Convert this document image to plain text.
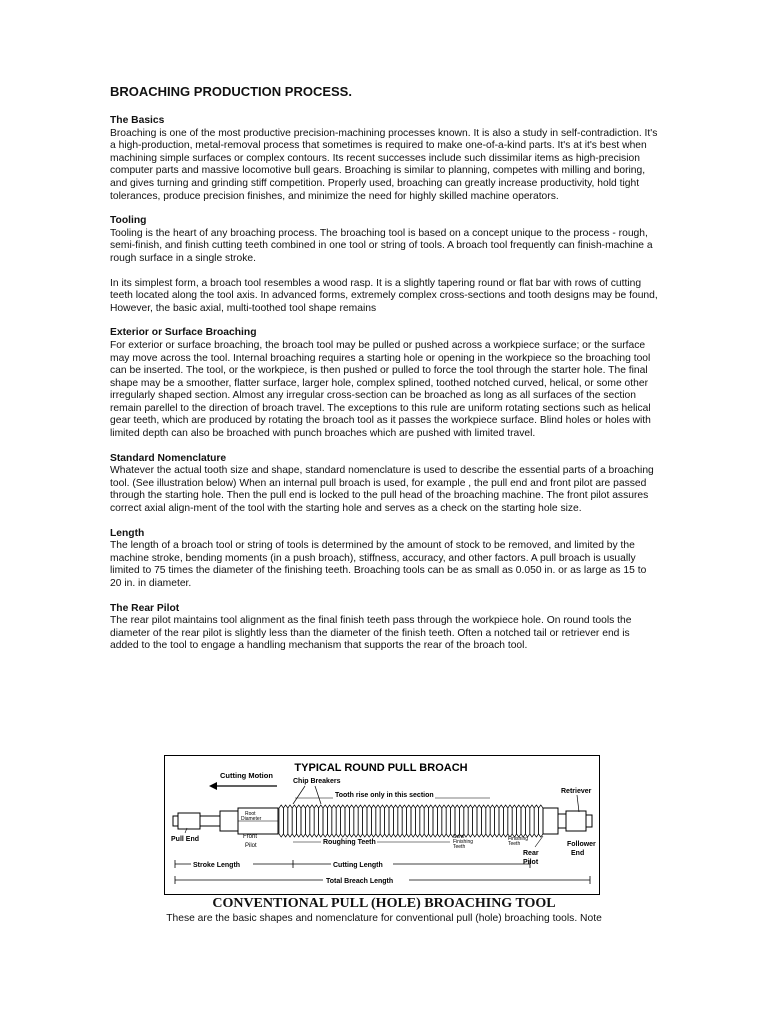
BROACHING PRODUCTION PROCESS.
The Basics

Broaching is one of the most productive precision-machining processes known. It is also a study in self-contradiction. It's a high-production, metal-removal process that sometimes is required to make one-of-a-kind parts. It's at it's best when machining simple surfaces or complex contours. Its recent successes include such dissimilar items as high-precision computer parts and massive locomotive bull gears. Broaching is similar to planning, competes with milling and boring, and gives turning and grinding stiff competition. Properly used, broaching can greatly increase productivity, hold tight tolerances, produce precision finishes, and minimize the need for highly skilled machine operators.

Tooling

Tooling is the heart of any broaching process. The broaching tool is based on a concept unique to the process - rough, semi-finish, and finish cutting teeth combined in one tool or string of tools. A broach tool frequently can finish-machine a rough surface in a single stroke.

In its simplest form, a broach tool resembles a wood rasp. It is a slightly tapering round or flat bar with rows of cutting teeth located along the tool axis. In advanced forms, extremely complex cross-sections and tooth designs may be found, However, the basic axial, multi-toothed tool shape remains

Exterior or Surface Broaching

For exterior or surface broaching, the broach tool may be pulled or pushed across a workpiece surface; or the surface may move across the tool. Internal broaching requires a starting hole or opening in the workpiece so the broaching tool can be inserted. The tool, or the workpiece, is then pushed or pulled to force the tool through the starter hole. The final shape may be a smoother, flatter surface, larger hole, complex splined, toothed notched curved, helical, or some other irregularly shaped section. Almost any irregular cross-section can be broached as long as all surfaces of the section remain parellel to the direction of broach travel. The exceptions to this rule are uniform rotating sections such as helical gear teeth, which are produced by rotating the broach tool as it passes the workpiece surface. Blind holes or holes with limited depth can also be broached with punch broaches which are pushed with limited travel.

Standard Nomenclature

Whatever the actual tooth size and shape, standard nomenclature is used to describe the essential parts of a broaching tool. (See illustration below) When an internal pull broach is used, for example , the pull end and front pilot are passed through the starting hole. Then the pull end is locked to the pull head of the broaching machine. The front pilot assures correct axial align-ment of the tool with the starting hole and serves as a check on the starting hole size.

Length

The length of a broach tool or string of tools is determined by the amount of stock to be removed, and limited by the machine stroke, bending moments (in a push broach), stiffness, accuracy, and other factors. A pull broach is usually limited to 75 times the diameter of the finishing teeth. Broaching tools can be as small as 0.050 in. or as large as 15 to 20 in. in diameter.

The Rear Pilot

The rear pilot maintains tool alignment as the final finish teeth pass through the workpiece hole. On round tools the diameter of the rear pilot is slightly less than the diameter of the finish teeth. Often a notched tail or retriever end is added to the tool to engage a handling mechanism that supports the rear of the broach tool.

TYPICAL ROUND PULL BROACH
Cutting Motion
Chip Breakers
Tooth rise only in this section
Retriever
Root
Diameter
Front
Pilot
Pull End	Roughing Teeth
Semi
Finishing
Teeth
Finishing
Teeth
Rear
Pilot
Follower
End
Stroke Length	Cutting Length
Total Breach Length
CONVENTIONAL PULL (HOLE) BROACHING TOOL
These are the basic shapes and nomenclature for conventional pull (hole) broaching tools. Note
